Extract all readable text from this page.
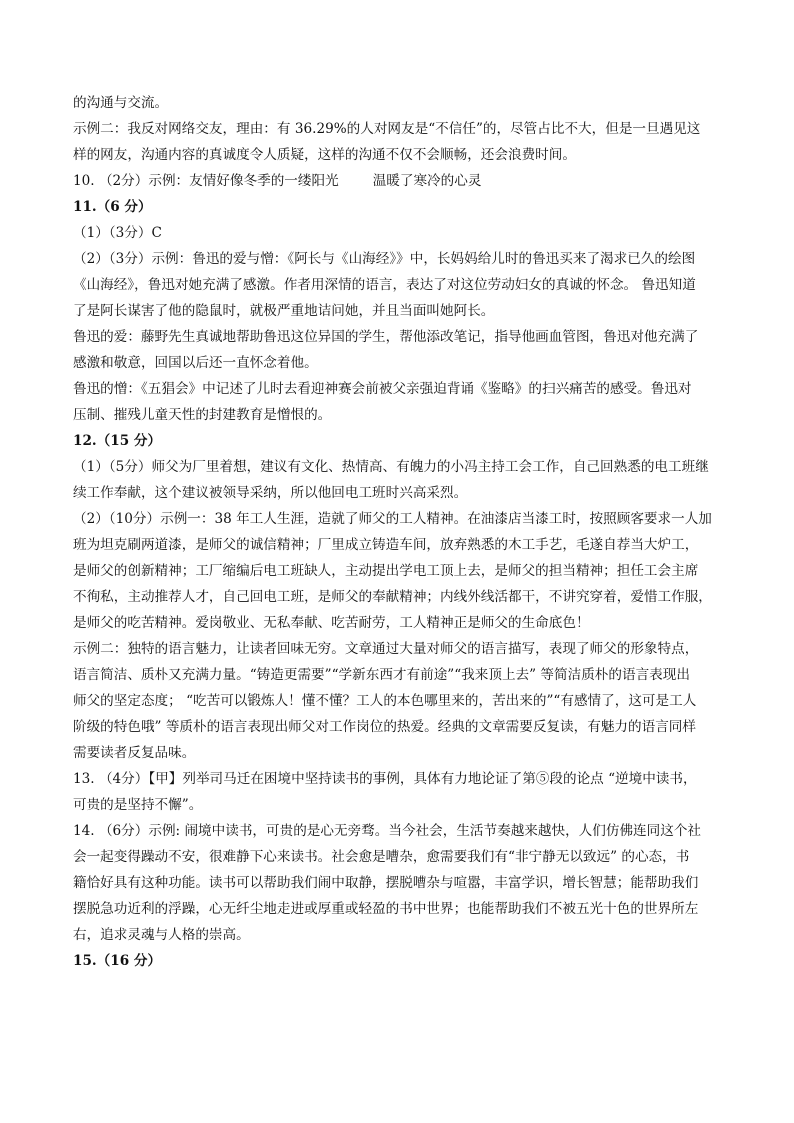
的沟通与交流。
示例二：我反对网络交友，理由：有 36.29%的人对网友是“不信任”的，尽管占比不大，但是一旦遇见这
样的网友，沟通内容的真诚度令人质疑，这样的沟通不仅不会顺畅，还会浪费时间。
10. （2分）示例：友情好像冬季的一缕阳光	温暖了寒冷的心灵
11.（6 分）
（1）（3分）C
（2）（3分）示例：鲁迅的爱与憎：《阿长与《山海经》》中，长妈妈给儿时的鲁迅买来了渴求已久的绘图
《山海经》，鲁迅对她充满了感激。作者用深情的语言，表达了对这位劳动妇女的真诚的怀念。 鲁迅知道
了是阿长谋害了他的隐鼠时，就极严重地诘问她，并且当面叫她阿长。
鲁迅的爱：藤野先生真诚地帮助鲁迅这位异国的学生，帮他添改笔记，指导他画血管图，鲁迅对他充满了
感激和敬意，回国以后还一直怀念着他。
鲁迅的憎：《五猖会》中记述了儿时去看迎神赛会前被父亲强迫背诵《鉴略》的扫兴痛苦的感受。鲁迅对
压制、摧残儿童天性的封建教育是憎恨的。
12.（15 分）
（1）（5分）师父为厂里着想，建议有文化、热情高、有魄力的小冯主持工会工作，自己回熟悉的电工班继
续工作奉献，这个建议被领导采纳，所以他回电工班时兴高采烈。
（2）（10分）示例一：38 年工人生涯，造就了师父的工人精神。在油漆店当漆工时，按照顾客要求一人加
班为坦克刷两道漆，是师父的诚信精神；厂里成立铸造车间，放弃熟悉的木工手艺，毛遂自荐当大炉工，
是师父的创新精神；工厂缩编后电工班缺人，主动提出学电工顶上去，是师父的担当精神；担任工会主席
不徇私，主动推荐人才，自己回电工班，是师父的奉献精神；内线外线活都干，不讲究穿着，爱惜工作服，
是师父的吃苦精神。爱岗敬业、无私奉献、吃苦耐劳，工人精神正是师父的生命底色！
示例二：独特的语言魅力，让读者回味无穷。文章通过大量对师父的语言描写，表现了师父的形象特点，
语言简洁、质朴又充满力量。“铸造更需要”“学新东西才有前途”“我来顶上去” 等简洁质朴的语言表现出
师父的坚定态度； “吃苦可以锻炼人！懂不懂？工人的本色哪里来的，苦出来的”“有感情了，这可是工人
阶级的特色哦” 等质朴的语言表现出师父对工作岗位的热爱。经典的文章需要反复读，有魅力的语言同样
需要读者反复品味。
13. （4分）【甲】列举司马迁在困境中坚持读书的事例，具体有力地论证了第⑤段的论点 “逆境中读书，
可贵的是坚持不懈”。
14. （6分）示例: 闹境中读书，可贵的是心无旁骛。当今社会，生活节奏越来越快，人们仿佛连同这个社
会一起变得躁动不安，很难静下心来读书。社会愈是嘈杂，愈需要我们有“非宁静无以致远” 的心态，书
籍恰好具有这种功能。读书可以帮助我们闹中取静，摆脱嘈杂与喧嚣，丰富学识，增长智慧；能帮助我们
摆脱急功近利的浮躁，心无纤尘地走进或厚重或轻盈的书中世界；也能帮助我们不被五光十色的世界所左
右，追求灵魂与人格的崇高。
15.（16 分）
